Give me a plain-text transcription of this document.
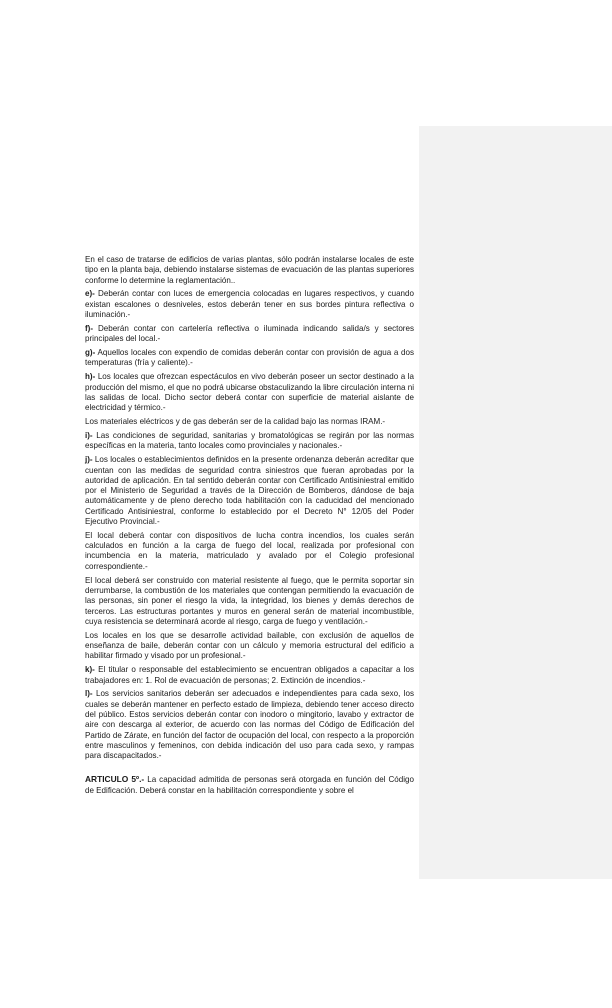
En el caso de tratarse de edificios de varias plantas, sólo podrán instalarse locales de este tipo en la planta baja, debiendo instalarse sistemas de evacuación de las plantas superiores conforme lo determine la reglamentación..

e)- Deberán contar con luces de emergencia colocadas en lugares respectivos, y cuando existan escalones o desniveles, estos deberán tener en sus bordes pintura reflectiva o iluminación.-

f)- Deberán contar con cartelería reflectiva o iluminada indicando salida/s y sectores principales del local.-

g)- Aquellos locales con expendio de comidas deberán contar con provisión de agua a dos temperaturas (fría y caliente).-

h)- Los locales que ofrezcan espectáculos en vivo deberán poseer un sector destinado a la producción del mismo, el que no podrá ubicarse obstaculizando la libre circulación interna ni las salidas de local. Dicho sector deberá contar con superficie de material aislante de electricidad y térmico.-

Los materiales eléctricos y de gas deberán ser de la calidad bajo las normas IRAM.-

i)- Las condiciones de seguridad, sanitarias y bromatológicas se regirán por las normas específicas en la materia, tanto locales como provinciales y nacionales.-

j)- Los locales o establecimientos definidos en la presente ordenanza deberán acreditar que cuentan con las medidas de seguridad contra siniestros que fueran aprobadas por la autoridad de aplicación. En tal sentido deberán contar con Certificado Antisiniestral emitido por el Ministerio de Seguridad a través de la Dirección de Bomberos, dándose de baja automáticamente y de pleno derecho toda habilitación con la caducidad del mencionado Certificado Antisiniestral, conforme lo establecido por el Decreto N° 12/05 del Poder Ejecutivo Provincial.-

El local deberá contar con dispositivos de lucha contra incendios, los cuales serán calculados en función a la carga de fuego del local, realizada por profesional con incumbencia en la materia, matriculado y avalado por el Colegio profesional correspondiente.-

El local deberá ser construido con material resistente al fuego, que le permita soportar sin derrumbarse, la combustión de los materiales que contengan permitiendo la evacuación de las personas, sin poner el riesgo la vida, la integridad, los bienes y demás derechos de terceros. Las estructuras portantes y muros en general serán de material incombustible, cuya resistencia se determinará acorde al riesgo, carga de fuego y ventilación.-

Los locales en los que se desarrolle actividad bailable, con exclusión de aquellos de enseñanza de baile, deberán contar con un cálculo y memoria estructural del edificio a habilitar firmado y visado por un profesional.-

k)- El titular o responsable del establecimiento se encuentran obligados a capacitar a los trabajadores en: 1. Rol de evacuación de personas; 2. Extinción de incendios.-

l)- Los servicios sanitarios deberán ser adecuados e independientes para cada sexo, los cuales se deberán mantener en perfecto estado de limpieza, debiendo tener acceso directo del público. Estos servicios deberán contar con inodoro o mingitorio, lavabo y extractor de aire con descarga al exterior, de acuerdo con las normas del Código de Edificación del Partido de Zárate, en función del factor de ocupación del local, con respecto a la proporción entre masculinos y femeninos, con debida indicación del uso para cada sexo, y rampas para discapacitados.-

ARTICULO 5º.- La capacidad admitida de personas será otorgada en función del Código de Edificación. Deberá constar en la habilitación correspondiente y sobre el
